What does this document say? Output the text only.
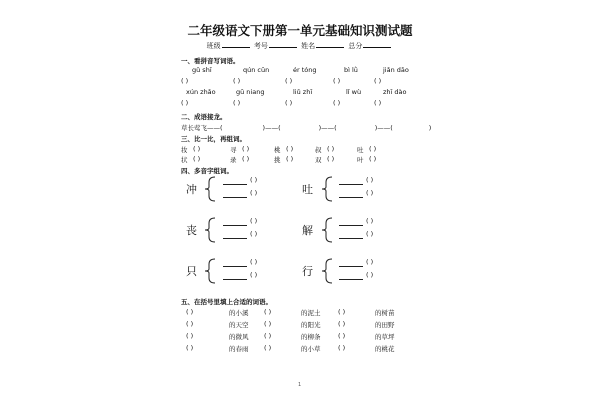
二年级语文下册第一单元基础知识测试题
班级	考号	姓名	总分
一、看拼音写词语。
gǔ shī	qún cūn	ér tóng	bì lǜ	jiǎn dāo
( )	( )	( )	( )	( )
xún zhǎo	gū niang	liǔ zhī	lǐ wù	zhī dào
( )	( )	( )	( )	( )
二、成语接龙。
草长莺飞——(	)——(	)——(	)——(	)
三、比一比，再组词。
妆 ( )	寻 ( )	桃 ( )	叔 ( )	吐 ( )
状 ( )	录 ( )	挑 ( )	双 ( )	叶 ( )
四、多音字组词。
冲
( )
( )	吐
( )
( )
丧
( )
( )	解
( )
( )
只
( )
( )	行
( )
( )
五、在括号里填上合适的词语。
( )	的小溪 ( )	的泥土	( )	的树苗
( )	的天空 ( )	的阳光	( )	的田野
( )	的微风 ( )	的柳条	( )	的草坪
( )	的春雨 ( )	的小草	( )	的桃花
1
